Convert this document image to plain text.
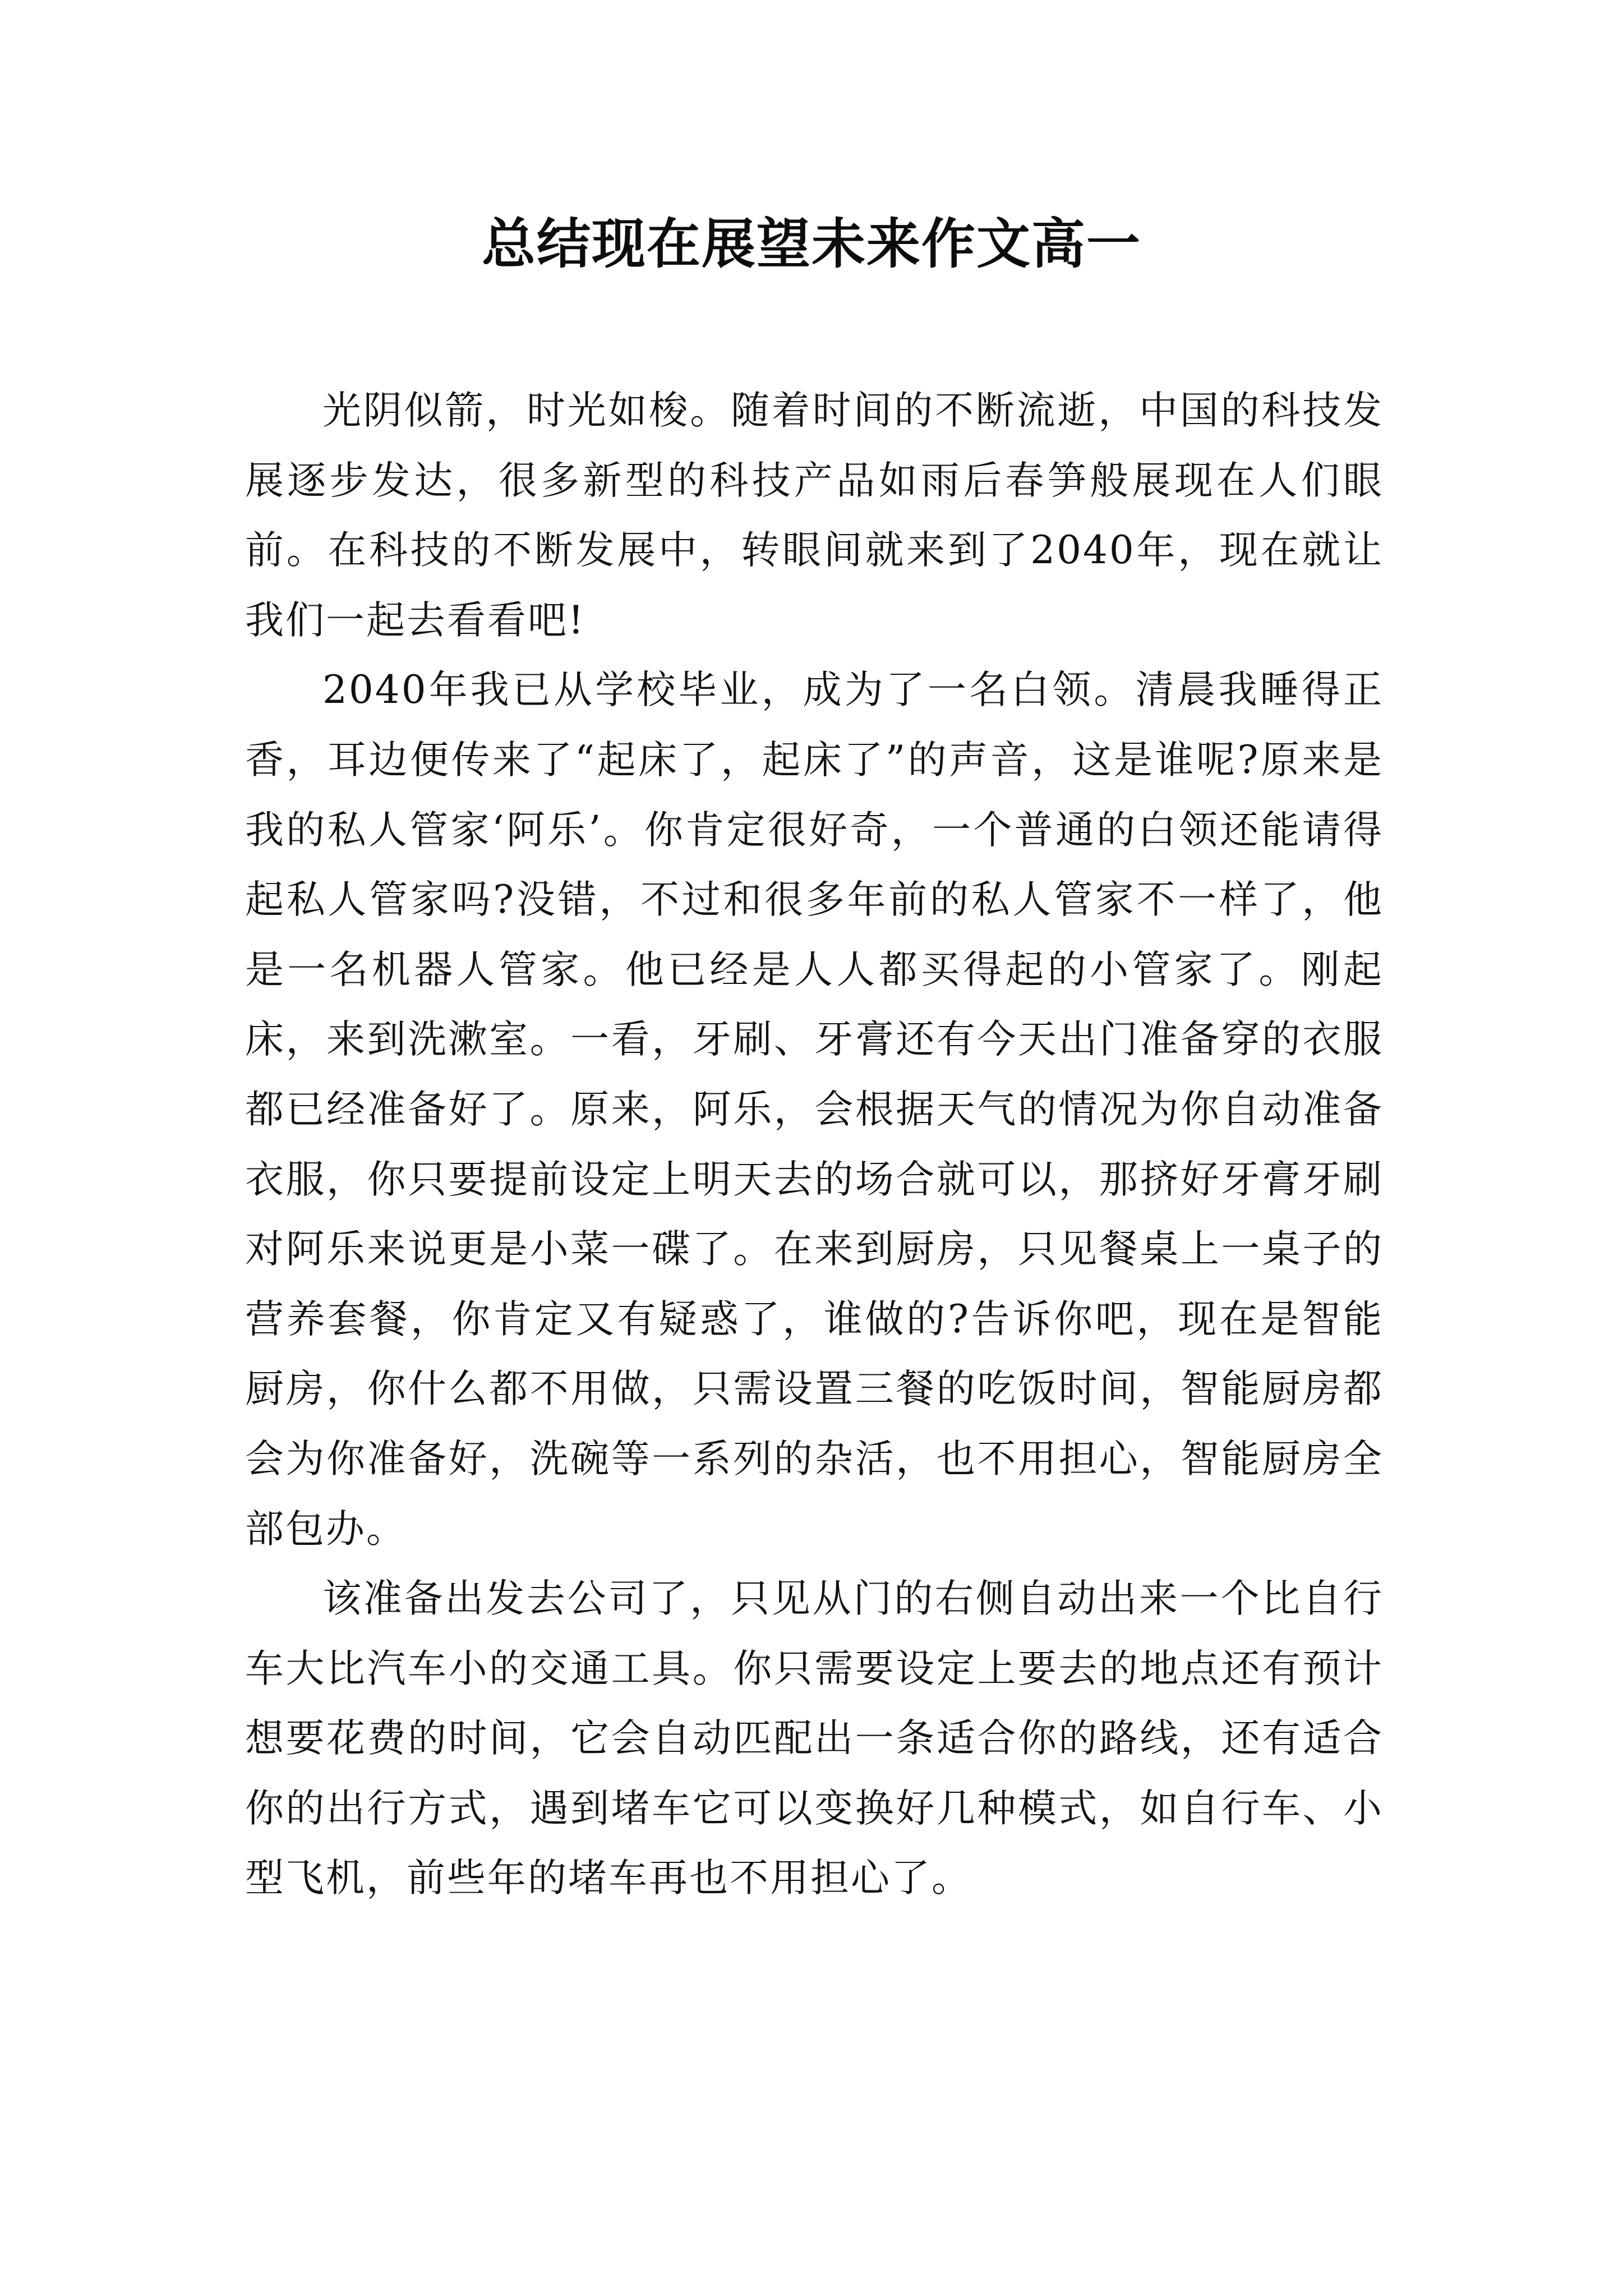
总结现在展望未来作文高一

光阴似箭，时光如梭。随着时间的不断流逝，中国的科技发展逐步发达，很多新型的科技产品如雨后春笋般展现在人们眼前。在科技的不断发展中，转眼间就来到了2040年，现在就让我们一起去看看吧!

2040年我已从学校毕业，成为了一名白领。清晨我睡得正香，耳边便传来了“起床了，起床了”的声音，这是谁呢?原来是我的私人管家‘阿乐’。你肯定很好奇，一个普通的白领还能请得起私人管家吗?没错，不过和很多年前的私人管家不一样了，他是一名机器人管家。他已经是人人都买得起的小管家了。刚起床，来到洗漱室。一看，牙刷、牙膏还有今天出门准备穿的衣服都已经准备好了。原来，阿乐，会根据天气的情况为你自动准备衣服，你只要提前设定上明天去的场合就可以，那挤好牙膏牙刷对阿乐来说更是小菜一碟了。在来到厨房，只见餐桌上一桌子的营养套餐，你肯定又有疑惑了，谁做的?告诉你吧，现在是智能厨房，你什么都不用做，只需设置三餐的吃饭时间，智能厨房都会为你准备好，洗碗等一系列的杂活，也不用担心，智能厨房全部包办。

该准备出发去公司了，只见从门的右侧自动出来一个比自行车大比汽车小的交通工具。你只需要设定上要去的地点还有预计想要花费的时间，它会自动匹配出一条适合你的路线，还有适合你的出行方式，遇到堵车它可以变换好几种模式，如自行车、小型飞机，前些年的堵车再也不用担心了。
